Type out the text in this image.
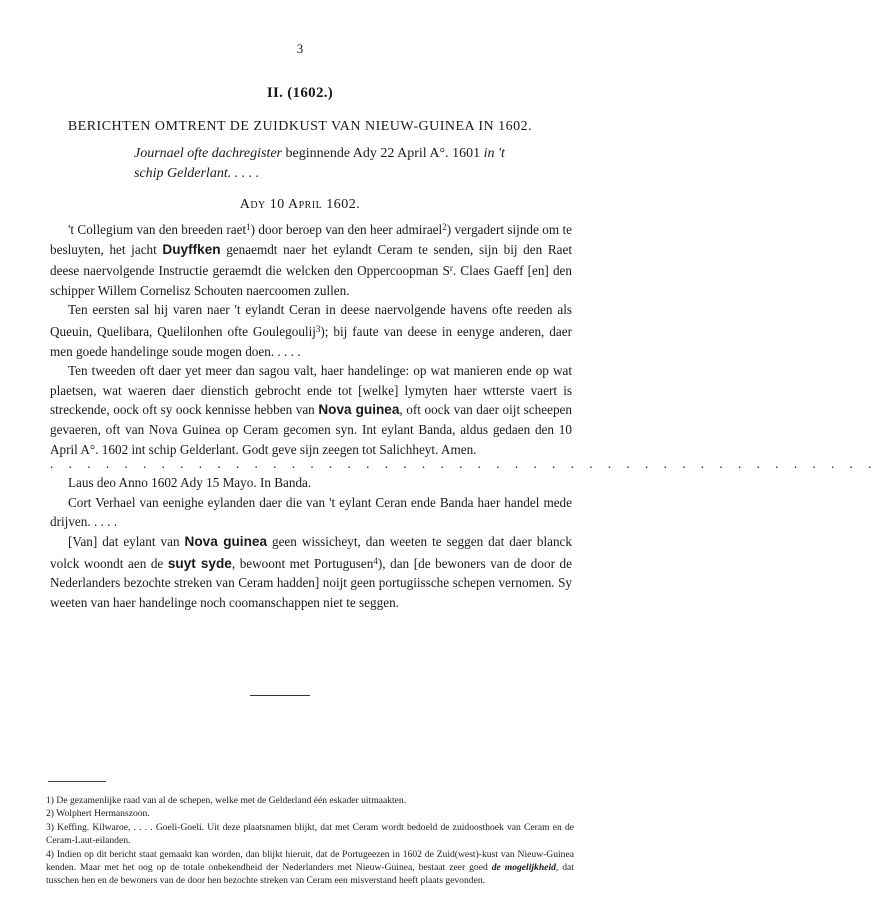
3
II. (1602.)
BERICHTEN OMTRENT DE ZUIDKUST VAN NIEUW-GUINEA IN 1602.
Journael ofte dachregister beginnende Ady 22 April A°. 1601 in 't
schip Gelderlant. . . . .
Ady 10 April 1602.

't Collegium van den breeden raet$^1$) door beroep van den heer admirael$^2$) vergadert sijnde om te besluyten, het jacht Duyffken genaemdt naer het eylandt Ceram te senden, sijn bij den Raet deese naervolgende Instructie geraemdt die welcken den Oppercoopman $S^r$. Claes Gaeff [en] den schipper Willem Cornelisz Schouten naercoomen zullen.

Ten eersten sal hij varen naer 't eylandt Ceran in deese naervolgende havens ofte reeden als Queuin, Quelibara, Quelilonhen ofte Goulegoulij$^3$); bij faute van deese in eenyge anderen, daer men goede handelinge soude mogen doen. . . . .

Ten tweeden oft daer yet meer dan sagou valt, haer handelinge: op wat manieren ende op wat plaetsen, wat waeren daer dienstich gebrocht ende tot [welke] lymyten haer wtterste vaert is streckende, oock oft sy oock kennisse hebben van Nova guinea, oft oock van daer oijt scheepen gevaeren, oft van Nova Guinea op Ceram gecomen syn. Int eylant Banda, aldus gedaen den 10 April A°. 1602 int schip Gelderlant. Godt geve sijn zeegen tot Salichheyt. Amen.

. . . . . . . . . . . . . . . . . . . . . . . . . . . . . . . . . . . . . . . . . . . . .

Laus deo Anno 1602 Ady 15 Mayo. In Banda.

Cort Verhael van eenighe eylanden daer die van 't eylant Ceran ende Banda haer handel mede drijven. . . . .

[Van] dat eylant van Nova guinea geen wissicheyt, dan weeten te seggen dat daer blanck volck woondt aen de suyt syde, bewoont met Portugusen$^4$), dan [de bewoners van de door de Nederlanders bezochte streken van Ceram hadden] noijt geen portugiissche schepen vernomen. Sy weeten van haer handelinge noch coomanschappen niet te seggen.

1) De gezamenlijke raad van al de schepen, welke met de Gelderland één eskader uitmaakten.

2) Wolphert Hermanszoon.

3) Keffing. Kilwaroe, . . . . Goeli-Goeli. Uit deze plaatsnamen blijkt, dat met Ceram wordt bedoeld de zuidoosthoek van Ceram en de Ceram-Laut-eilanden.

4) Indien op dit bericht staat gemaakt kan worden, dan blijkt hieruit, dat de Portugeezen in 1602 de Zuid(west)-kust van Nieuw-Guinea kenden. Maar met het oog op de totale onbekendheid der Nederlanders met Nieuw-Guinea, bestaat zeer goed de mogelijkheid, dat tusschen hen en de bewoners van de door hen bezochte streken van Ceram een misverstand heeft plaats gevonden.
